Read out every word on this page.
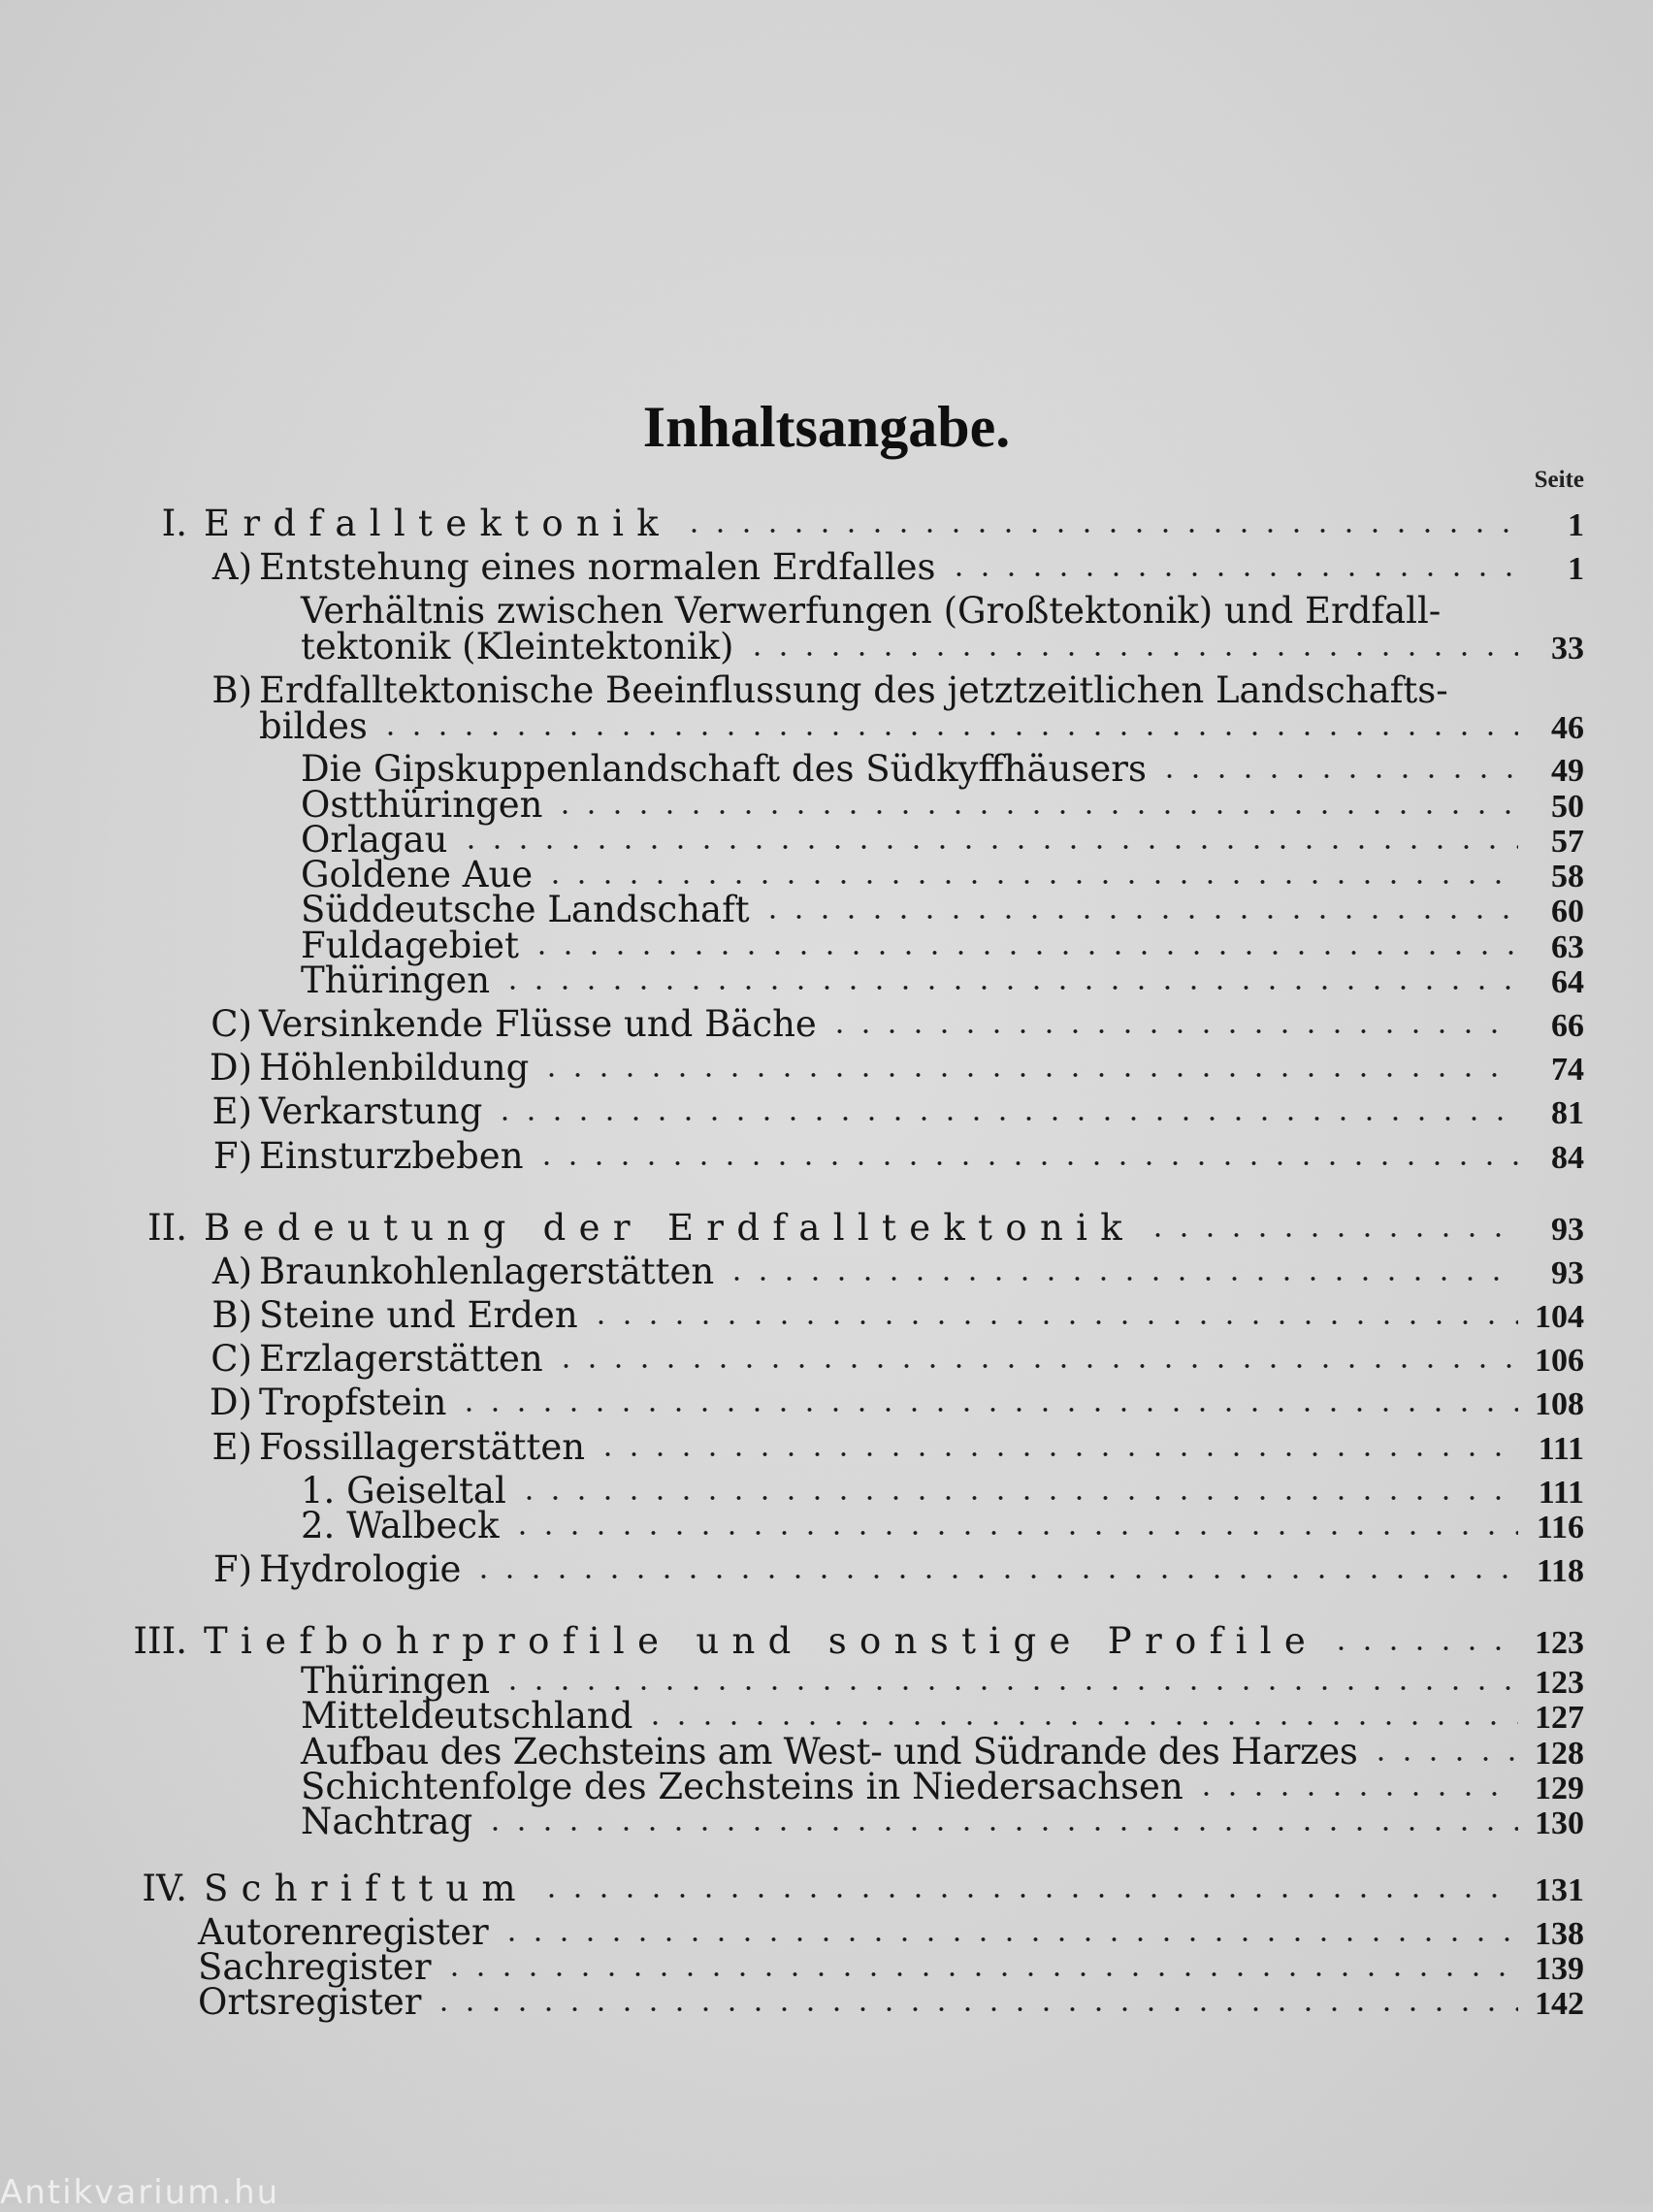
Inhaltsangabe.
Seite
I. Erdfalltektonik	1
A) Entstehung eines normalen Erdfalles	1
Verhältnis zwischen Verwerfungen (Großtektonik) und Erdfall-
tektonik (Kleintektonik)	33
B) Erdfalltektonische Beeinflussung des jetztzeitlichen Landschafts-
bildes	46
Die Gipskuppenlandschaft des Südkyffhäusers	49
Ostthüringen	50
Orlagau	57
Goldene Aue	58
Süddeutsche Landschaft	60
Fuldagebiet	63
Thüringen	64
C) Versinkende Flüsse und Bäche	66
D) Höhlenbildung	74
E) Verkarstung	81
F) Einsturzbeben	84
II. Bedeutung der Erdfalltektonik	93
A) Braunkohlenlagerstätten	93
B) Steine und Erden	104
C) Erzlagerstätten	106
D) Tropfstein	108
E) Fossillagerstätten	111
1. Geiseltal	111
2. Walbeck	116
F) Hydrologie	118
III. Tiefbohrprofile und sonstige Profile	123
Thüringen	123
Mitteldeutschland	127
Aufbau des Zechsteins am West- und Südrande des Harzes	128
Schichtenfolge des Zechsteins in Niedersachsen	129
Nachtrag	130
IV. Schrifttum	131
Autorenregister	138
Sachregister	139
Ortsregister	142
Antikvarium.hu
